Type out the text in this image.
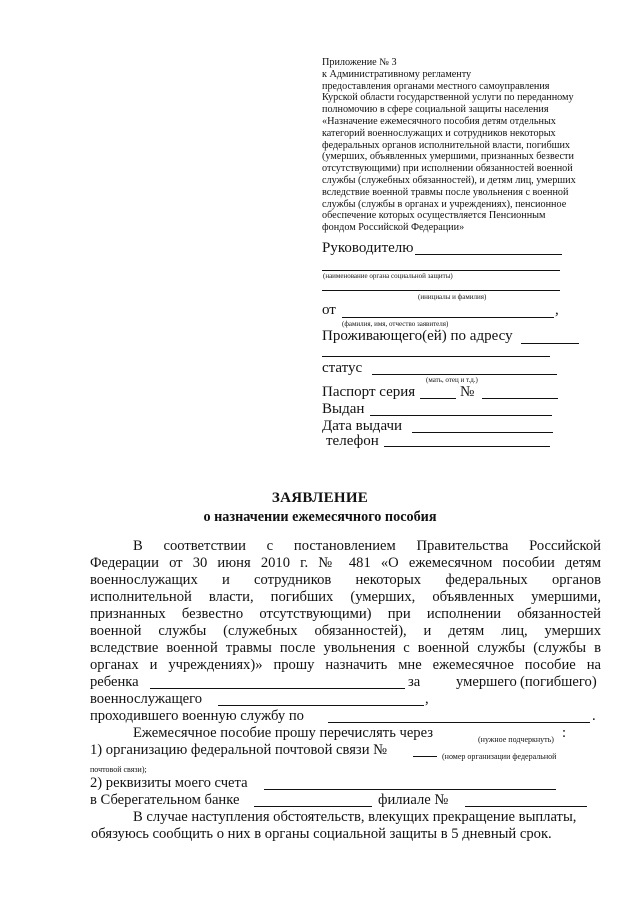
Приложение № 3
к Административному регламенту
предоставления органами местного самоуправления
Курской области государственной услуги по переданному
полномочию в сфере социальной защиты населения
«Назначение ежемесячного пособия детям отдельных
категорий военнослужащих и сотрудников некоторых
федеральных органов исполнительной власти, погибших
(умерших, объявленных умершими, признанных безвести
отсутствующими) при исполнении обязанностей военной
службы (служебных обязанностей), и детям лиц, умерших
вследствие военной травмы после увольнения с военной
службы (службы в органах и учреждениях), пенсионное
обеспечение которых осуществляется Пенсионным
фондом Российской Федерации»
Руководителю
(наименование органа социальной защиты)
(инициалы и фамилия)
от	,
(фамилия, имя, отчество заявителя)
Проживающего(ей) по адресу
статус
(мать, отец и т.д.)
Паспорт серия	№
Выдан
Дата выдачи
телефон
ЗАЯВЛЕНИЕ
о назначении ежемесячного пособия
В соответствии с постановлением Правительства Российской
Федерации от 30 июня 2010 г. № 481 «О ежемесячном пособии детям
военнослужащих и сотрудников некоторых федеральных органов
исполнительной власти, погибших (умерших, объявленных умершими,
признанных безвестно отсутствующими) при исполнении обязанностей
военной службы (служебных обязанностей), и детям лиц, умерших
вследствие военной травмы после увольнения с военной службы (службы в
органах и учреждениях)» прошу назначить мне ежемесячное пособие на
ребенка	за умершего (погибшего)
военнослужащего	,
проходившего военную службу по	.
Ежемесячное пособие прошу перечислять через	(нужное подчеркнуть) :
1) организацию федеральной почтовой связи №	(номер организации федеральной
почтовой связи);
2) реквизиты моего счета
в Сберегательном банке	филиале №
В случае наступления обстоятельств, влекущих прекращение выплаты,
обязуюсь сообщить о них в органы социальной защиты в 5 дневный срок.
